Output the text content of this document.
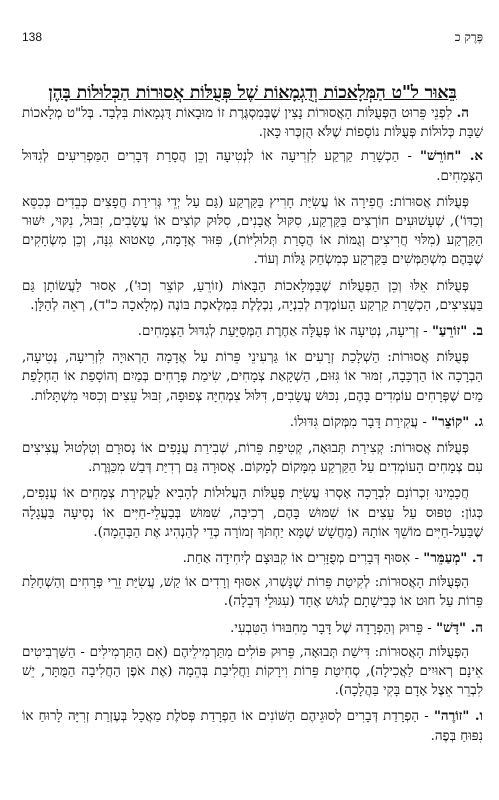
פֶּרֶק כ
138
בֵּאוּר ל"ט הַמְּלָאכוֹת וְדֻגְמָאוֹת שֶׁל פְּעֻלּוֹת אֲסוּרוֹת הַכְּלוּלוֹת בָּהֶן

ה. לִפְנֵי פֵּרוּט הַפְּעֻלּוֹת הָאֲסוּרוֹת נָצִין שֶׁבְּמִסְגֶּרֶת זוֹ מוּבָאוֹת דֻּגְמָאוֹת בִּלְבַד. בְּל"ט מְלָאכוֹת שַׁבָּת כְּלוּלוֹת פְּעֻלּוֹת נוֹסָפוֹת שֶׁלֹּא הֻזְכְּרוּ כָּאן.

א. "חוֹרֵשׁ" - הַכְשָׁרַת קַרְקַע לִזְרִיעָה אוֹ לִנְטִיעָה וְכֵן הֲסָרַת דְּבָרִים הַמַּפְרִיעִים לְגִדּוּל הַצְּמָחִים.

פְּעֻלּוֹת אֲסוּרוֹת: חֲפִירָה אוֹ עֲשִׂיַּת חָרִיץ בַּקַּרְקַע (גַּם עַל יְדֵי גְּרִירַת חֲפָצִים כְּבֵדִים כְּכִסֵּא וְכַדּוֹ'), שְׁעָשׁוּעִים חוֹרְצִים בַּקַּרְקַע, סִקּוּל אֲבָנִים, סִלּוּק קוֹצִים אוֹ עֲשָׂבִים, זִבּוּל, נִקּוּי, יִשּׁוּר הַקַּרְקַע (מִלּוּי חֲרִיצִים וְגֻמּוֹת אוֹ הֲסָרַת תְּלוּלִיּוֹת), פִּזּוּר אֲדָמָה, טַאטוּא גִּנָּה, וְכֵן מִשְׂחָקִים שֶׁבָּהֶם מִשְׁתַּמְּשִׁים בַּקַּרְקַע כְּמִשְׂחַק גֻּלּוֹת וְעוֹד.

פְּעֻלּוֹת אֵלּוּ וְכֵן הַפְּעֻלּוֹת שֶׁבַּמְּלָאכוֹת הַבָּאוֹת (זוֹרֵעַ, קוֹצֵר וְכוּ'), אָסוּר לַעֲשׂוֹתָן גַּם בַּעֲצִיצִים, הַכְשָׁרַת קַרְקַע הָעוֹמֶדֶת לְבִנְיָה, נִכְלֶלֶת בִּמְלֶאכֶת בּוֹנֶה (מְלָאכָה כ"ד), רְאֵה לְהַלָּן.

ב. "זוֹרֵעַ" - זְרִיעָה, נְטִיעָה אוֹ פְּעֻלָּה אַחֶרֶת הַמְּסַיַּעַת לְגִדּוּל הַצְּמָחִים.

פְּעֻלּוֹת אֲסוּרוֹת: הַשְׁלָכַת זְרָעִים אוֹ גַּרְעִינֵי פֵּרוֹת עַל אֲדָמָה הָרְאוּיָה לִזְרִיעָה, נְטִיעָה, הַבְרָכָה אוֹ הַרְכָּבָה, זִמּוּר אוֹ גִּזּוּם, הַשְׁקָאַת צְמָחִים, שִׂימַת פְּרָחִים בְּמַיִם וְהוֹסָפַת אוֹ הַחְלָפַת מַיִם שֶׁפְּרָחִים עוֹמְדִים בָּהֶם, נִכּוּשׁ עֲשָׂבִים, דִּלּוּל צִמְחִיָּה צְפוּפָה, זִבּוּל עֵצִים וְכִסּוּי מִשְׁתָּלוֹת.

ג. "קוֹצֵר" - עֲקִירַת דָּבָר מִמְּקוֹם גִּדּוּלוֹ.

פְּעֻלּוֹת אֲסוּרוֹת: קְצִירַת תְּבוּאָה, קְטִיפַת פֵּרוֹת, שְׁבִירַת עֲנָפִים אוֹ נְסוּרָם וְטִלְטוּל עֲצִיצִים עִם צְמָחִים הָעוֹמְדִים עַל הַקַּרְקַע מִמָּקוֹם לְמָקוֹם. אֲסוּרָה גַּם רְדִיַּת דְּבַשׁ מִכַּוֶּרֶת.

חֲכָמֵינוּ זִכְרוֹנָם לִבְרָכָה אָסְרוּ עֲשִׂיַּת פְּעֻלּוֹת הָעֲלוּלוֹת לְהָבִיא לַעֲקִירַת צְמָחִים אוֹ עֲנָפִים, כְּגוֹן: טִפּוּס עַל עֵצִים אוֹ שִׁמּוּשׁ בָּהֶם, רְכִיבָה, שִׁמּוּשׁ בְּבַעֲלֵי-חַיִּים אוֹ נְסִיעָה בַּעֲגָלָה שֶׁבַּעַל-חַיִּים מוֹשֵׁךְ אוֹתָהּ (מֵחֲשָׁשׁ שֶׁמָּא יַחְתֹּךְ זְמוֹרָה כְּדֵי לְהַנְהִיג אֶת הַבְּהֵמָה).

ד. "מְעַמֵּר" - אִסּוּף דְּבָרִים מְפֻזָּרִים אוֹ קִבּוּצָם לְיִחִידָה אַחַת.

הַפְּעֻלּוֹת הָאֲסוּרוֹת: לְקִיטַת פֵּרוֹת שֶׁנָּשְׁרוּ, אִסּוּף וְרָדִים אוֹ קַשׁ, עֲשִׂיַּת זֵרֵי פְּרָחִים וְהַשְׁחָלַת פֵּרוֹת עַל חוּט אוֹ כְּבִישָׁתָם לְגוּשׁ אֶחָד (עִגּוּלֵי דְּבֵלָה).

ה. "דָּשׁ" - פֵּרוּק וְהַפְרָדָה שֶׁל דָּבָר מֵחִבּוּרוֹ הַטִּבְעִי.

הַפְּעֻלּוֹת הָאֲסוּרוֹת: דִּישַׁת תְּבוּאָה, פֵּרוּק פּוֹלִים מִתַּרְמִילֵיהֶם (אִם הַתַּרְמִילִים - הַשַּׁרְבִיטִים אֵינָם רְאוּיִים לַאֲכִילָה), סְחִיטַת פֵּרוֹת וִירָקוֹת וַחֲלִיבַת בְּהֵמָה (אֶת אֹפֶן הַחֲלִיבָה הַמֻּתָּר, יֵשׁ לִבְרֵר אֵצֶל אָדָם בָּקִי בַּהֲלָכָה).

ו. "זוֹרֶה" - הַפְרָדַת דְּבָרִים לְסוּגֵיהֶם הַשּׁוֹנִים אוֹ הַפְרָדַת פְּסֹלֶת מַאֲכָל בְּעֶזְרַת זְרִיָּה לָרוּחַ אוֹ נִפּוּחַ בְּפֶה.
